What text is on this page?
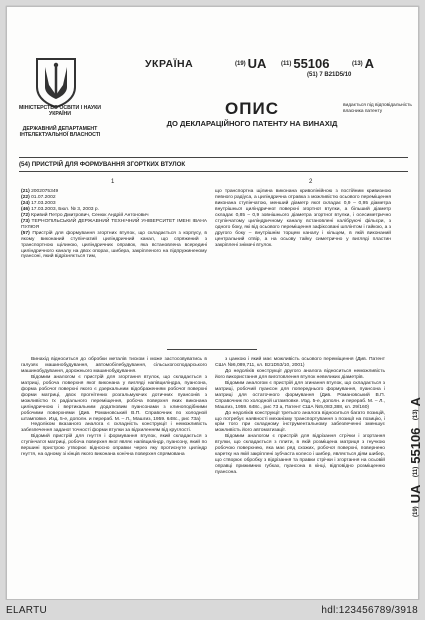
МІНІСТЕРСТВО ОСВІТИ І НАУКИ УКРАЇНИ
ДЕРЖАВНИЙ ДЕПАРТАМЕНТ ІНТЕЛЕКТУАЛЬНОЇ ВЛАСНОСТІ
УКРАЇНА	(19) UA (11) 55106	(13) A
(51) 7 B21D5/10
ОПИС
ДО ДЕКЛАРАЦІЙНОГО ПАТЕНТУ НА ВИНАХІД
видається під відповідальність власника патенту
(54) ПРИСТРІЙ ДЛЯ ФОРМУВАННЯ ЗГОРТКИХ ВТУЛОК
1	2
(21) 2002075349
(22) 01.07.2002
(24) 17.03.2003
(46) 17.03.2003, Бюл. № 3, 2003 р.
(72) Кривий Петро Дмитрович, Сенюк Андрій Антонович
(73) ТЕРНОПІЛЬСЬКИЙ ДЕРЖАВНИЙ ТЕХНІЧНИЙ УНІВЕРСИТЕТ ІМЕНІ ІВАНА ПУЛЮЯ

(57) Пристрій для формування згортних втулок, що складається з корпусу, в якому виконаний ступінчатий циліндричний канал, що спряжений з транспортною щілиною, циліндричних оправок, яка встановлена всередині циліндричного каналу на двох опорах, шибера, закріпленого на підпружиненому пуансоні, який відрізняється тим,

що транспортна щілина виконана криволінійною з постійним кривизною певного радіуса, а циліндрична отравка з можливістю осьового переміщення виконана ступінчатою, менший діаметр якої складає 0,9 – 0,95 діаметра внутрішньої циліндричної поверхні згортної втулки, а більший діаметр складає 0,85 – 0,9 зовнішнього діаметра згортної втулки, і осесиметрично ступінчатому циліндричному каналу встановлені калібруючі фільєри, з одного боку, які від осьового переміщення зафіксовані шплінтом і гайкою, а з другого боку – внутрішнім торцем каналу і кільцем, в якій виконаний центральний отвір, а на осьову тайку симетрично у вигляді пластин закріплені знімачі втулок.

Винахід відноситься до обробки металів тиском і може застосовуватись в галузях машинобудування, автомобілебудування, сільськогосподарського машинобудування, дорожнього машинобудування.

Відомим аналогом є пристрій для згортання втулок, що складається з матриці, робоча поверхня якої виконана у вигляді напівциліндра, пуансона, форма робочої поверхні якого є дзеркальним відображенням робочої поверхні форми матриці, двох прогнітених розгальмуючих дотичних пуансонів з можливістю їх радіального переміщення, робоча поверхня яких виконана циліндричною і вертикальним додатковим пуансонами з клиноподібними робочими поверхнями (Див. Романовський В.П. Справочник по холодной штамповке. Изд. 5-е, дополн. и перераб. М. – Л., Машгиз, 1959. 648с., рис 73а)

Недоліком вказаного аналога є складність конструкції і неможливість забезпечення заданої точності форми втулки за відхиленням від круглості.

Відомий пристрій для гнуття і формування втулок, який складається з ступінчатої матриці, робоча поверхня якої являє напівциліндр, пуансону, який по вершині пристрою утворює відносно оправки через яку протиснуте циліндр гнуття, на одному зі кінців якого виконана конічна поверхня спрямована

з цанкою і який має можливість осьового переміщення (Див. Патент США №6,089,711, кл. B21D53/10, 2001)

До недоліків конструкції другого аналога відноситься неможливість його використання для виготовлення втулок невеликих діаметрів.

Відомим аналогом є пристрій для згинання втулок, що складається з матриці, робочий пуансон для попереднього формування, пуансона і матриці для остаточного формування (Див. Романовський В.П. Справочник по холодной штамповке. Изд. 5-е, дополн. и перераб. М. – Л., Машгиз, 1959. 648с., рис 73 а, Патент США №5,083,388, кл. 29/160)

До недоліків конструкції третього аналога відноситься багато позицій, що потребує наявності механізму транспортування з позиції на позицію, і крім того при складному інструментальному забезпеченні зменшує можливість його автоматизації.

Відомим аналогом є пристрій для відрізання стрічки і згортання втулки, що складається з плити, в якій розміщена матриця з гнучкою робочою поверхнею, яка має ряд схожих, робочої поверхні, повернено каретку на якій закріплені зубчаста колесо і шибер, являється діям шибер, що створює обробку з відрізання та правки стрічки і згортання на осьовій оправці прижимних губках, пуансона в кінці, відповідно розміщенню пуансона.

(19)UA (11)55106 (13)A
ELARTU	hdl:123456789/3918
